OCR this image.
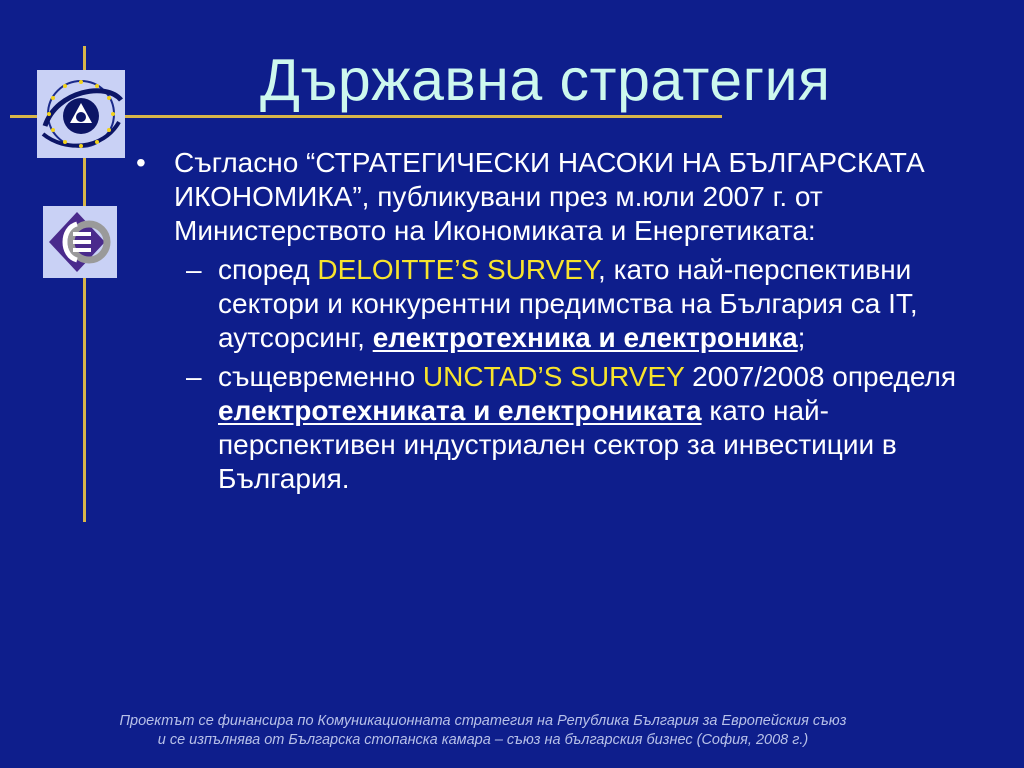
Държавна стратегия
• Съгласно “СТРАТЕГИЧЕСКИ НАСОКИ НА БЪЛГАРСКАТА ИКОНОМИКА”, публикувани през м.юли 2007 г. от Министерството на Икономиката и Енергетиката:
– според DELOITTE’S SURVEY, като най-перспективни сектори и конкурентни предимства на България са IT, аутсорсинг, електротехника и електроника;
– същевременно UNCTAD’S SURVEY 2007/2008 определя електротехниката и електрониката като най-перспективен индустриален сектор за инвестиции в България.
Проектът се финансира по Комуникационната стратегия на Република България за Европейския съюз
и се изпълнява от Българска стопанска камара – съюз на българския бизнес (София, 2008 г.)
